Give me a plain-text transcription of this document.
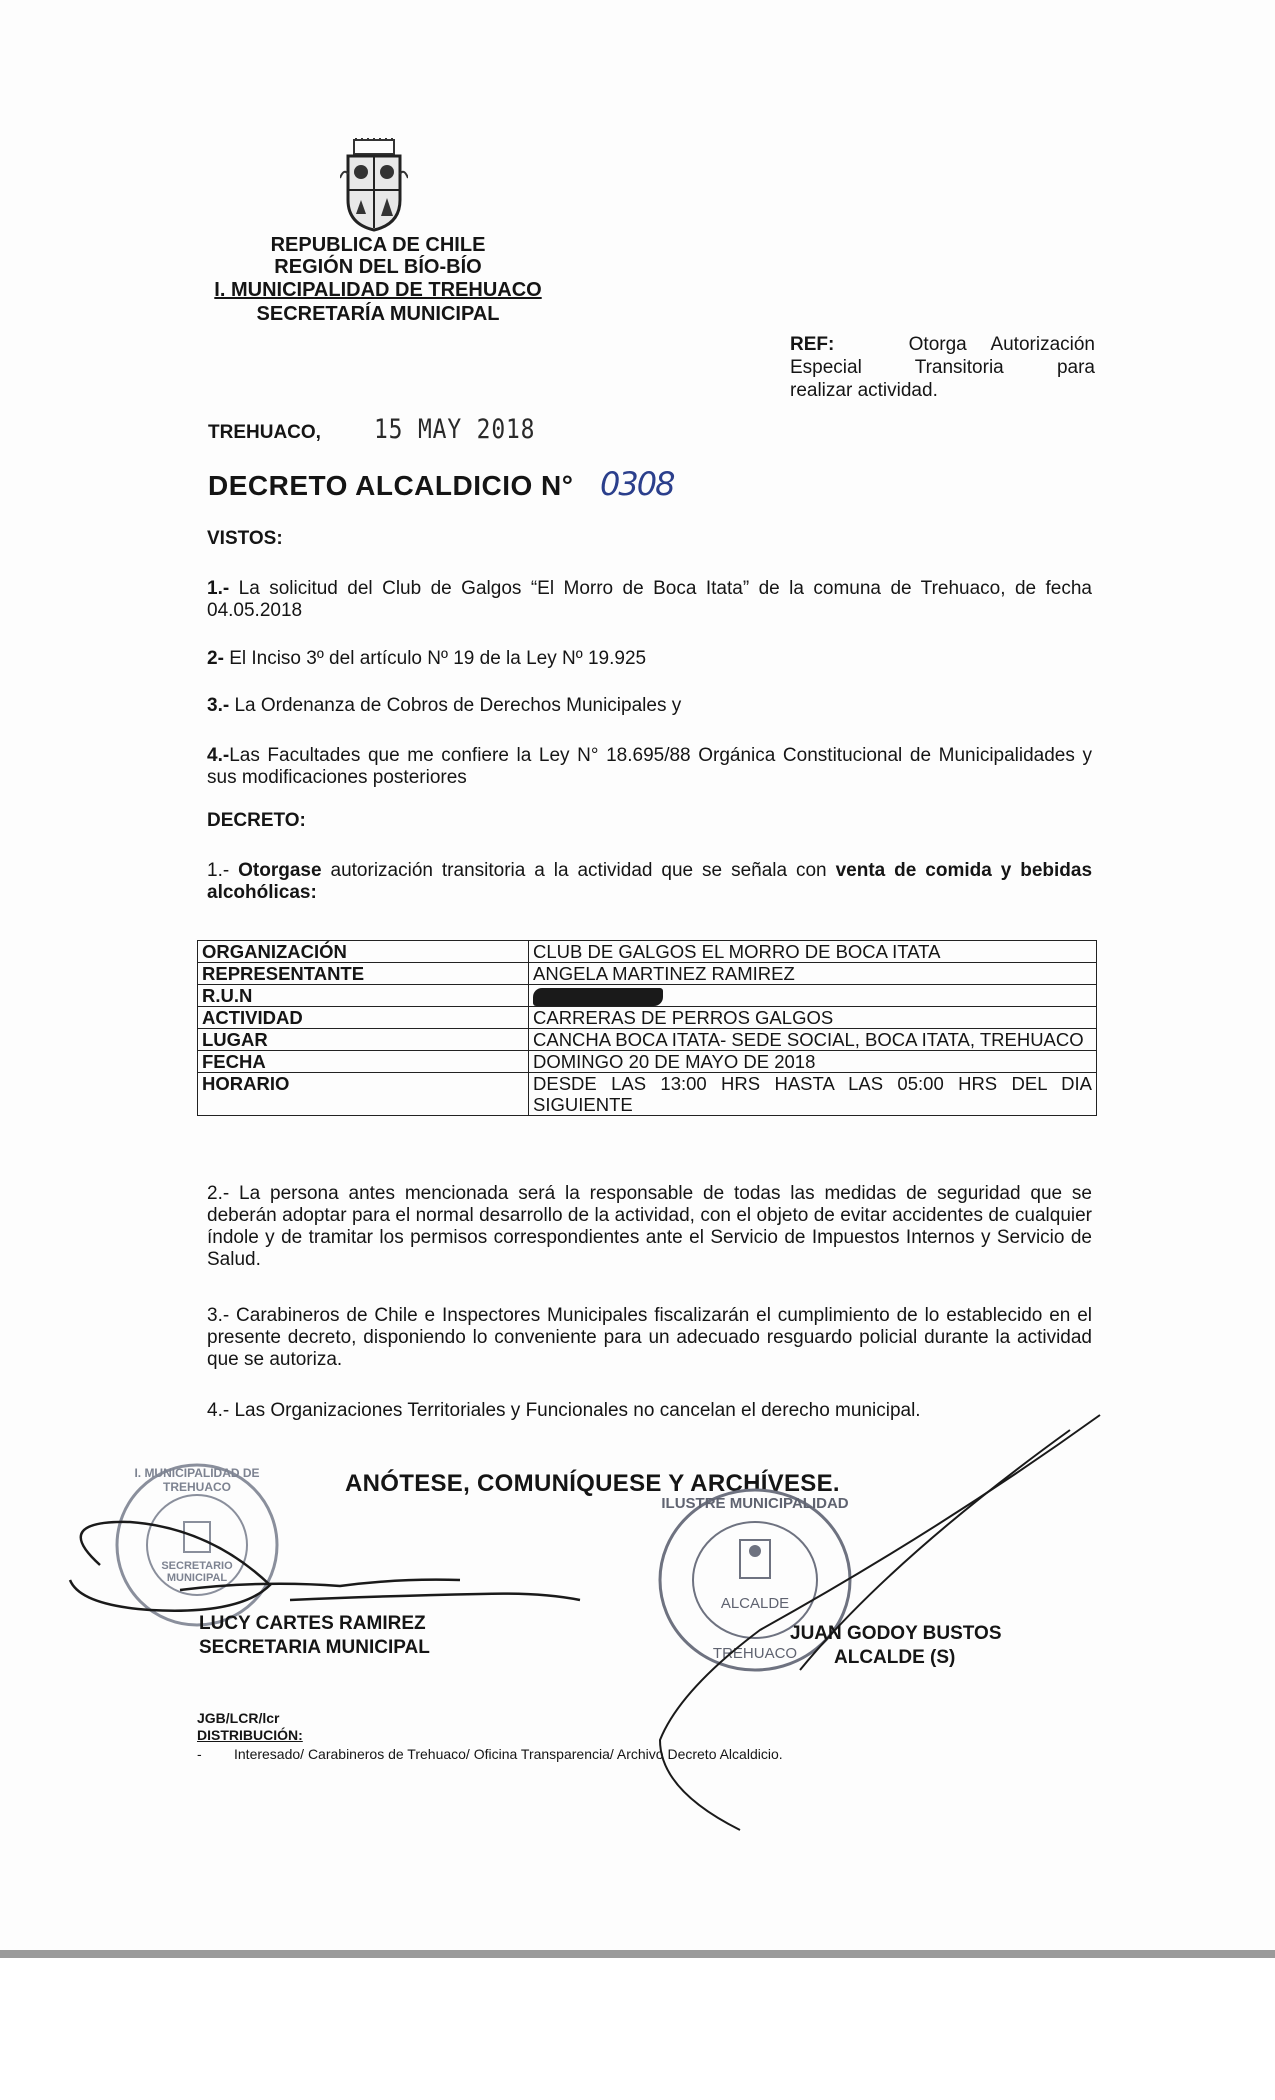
REPUBLICA DE CHILE
REGIÓN DEL BÍO-BÍO
I. MUNICIPALIDAD DE TREHUACO
SECRETARÍA MUNICIPAL
REF:	Otorga Autorización
Especial Transitoria para
realizar actividad.
TREHUACO, 15 MAY 2018
DECRETO ALCALDICIO N° 0308
VISTOS:
1.- La solicitud del Club de Galgos “El Morro de Boca Itata” de la comuna de Trehuaco, de fecha 04.05.2018
2- El Inciso 3º del artículo Nº 19 de la Ley Nº 19.925
3.- La Ordenanza de Cobros de Derechos Municipales y
4.-Las Facultades que me confiere la Ley N° 18.695/88 Orgánica Constitucional de Municipalidades y sus modificaciones posteriores
DECRETO:
1.- Otorgase autorización transitoria a la actividad que se señala con venta de comida y bebidas alcohólicas:
ORGANIZACIÓN	CLUB DE GALGOS EL MORRO DE BOCA ITATA
REPRESENTANTE	ANGELA MARTINEZ RAMIREZ
R.U.N	
ACTIVIDAD	CARRERAS DE PERROS GALGOS
LUGAR	CANCHA BOCA ITATA- SEDE SOCIAL, BOCA ITATA, TREHUACO
FECHA	DOMINGO 20 DE MAYO DE 2018
HORARIO	DESDE LAS 13:00 HRS HASTA LAS 05:00 HRS DEL DIA SIGUIENTE
2.- La persona antes mencionada será la responsable de todas las medidas de seguridad que se deberán adoptar para el normal desarrollo de la actividad, con el objeto de evitar accidentes de cualquier índole y de tramitar los permisos correspondientes ante el Servicio de Impuestos Internos y Servicio de Salud.
3.- Carabineros de Chile e Inspectores Municipales fiscalizarán el cumplimiento de lo establecido en el presente decreto, disponiendo lo conveniente para un adecuado resguardo policial durante la actividad que se autoriza.
4.- Las Organizaciones Territoriales y Funcionales no cancelan el derecho municipal.
ANÓTESE, COMUNÍQUESE Y ARCHÍVESE.
I. MUNICIPALIDAD DE TREHUACO
SECRETARIO MUNICIPAL
ILUSTRE MUNICIPALIDAD
ALCALDE
TREHUACO
LUCY CARTES RAMIREZ
SECRETARIA MUNICIPAL
JUAN GODOY BUSTOS
ALCALDE (S)
JGB/LCR/lcr
DISTRIBUCIÓN:
- Interesado/ Carabineros de Trehuaco/ Oficina Transparencia/ Archivo Decreto Alcaldicio.
